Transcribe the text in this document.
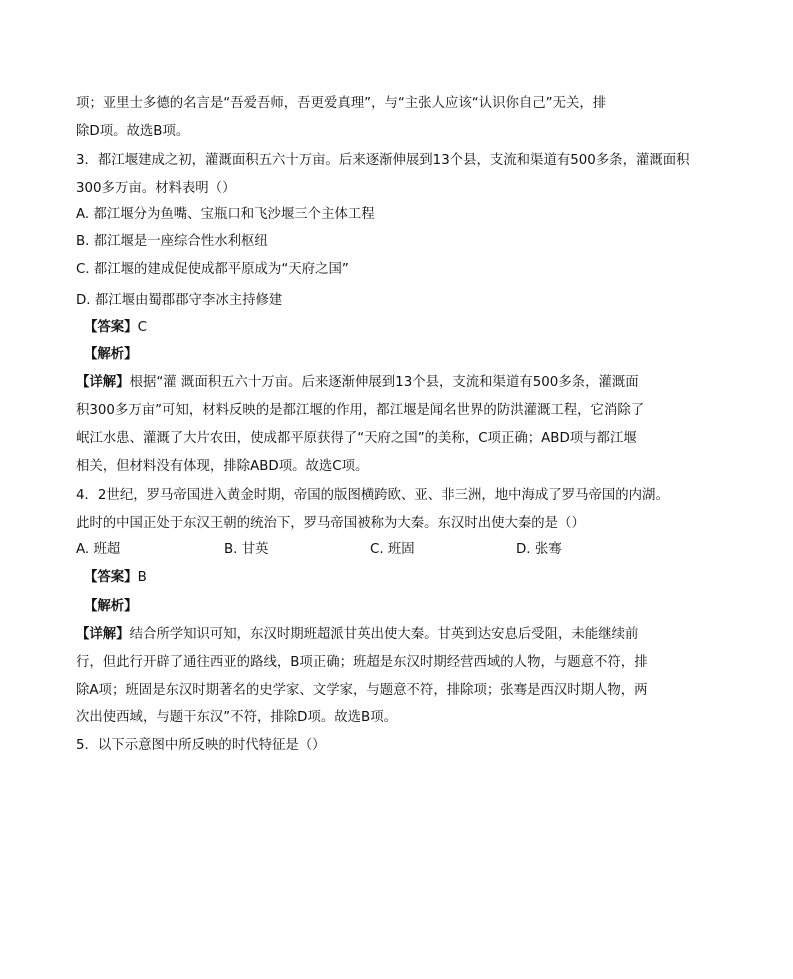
项；亚里士多德的名言是“吾爱吾师，吾更爱真理”，与“主张人应该“认识你自己”无关，排
除D项。故选B项。
3．都江堰建成之初，灌溉面积五六十万亩。后来逐渐伸展到13个县，支流和渠道有500多条，灌溉面积
300多万亩。材料表明（）
A. 都江堰分为鱼嘴、宝瓶口和飞沙堰三个主体工程
B. 都江堰是一座综合性水利枢纽
C. 都江堰的建成促使成都平原成为“天府之国”
D. 都江堰由蜀郡郡守李冰主持修建
【答案】C
【解析】
【详解】根据“灌 溉面积五六十万亩。后来逐渐伸展到13个县，支流和渠道有500多条，灌溉面
积300多万亩”可知，材料反映的是都江堰的作用，都江堰是闻名世界的防洪灌溉工程，它消除了
岷江水患、灌溉了大片农田，使成都平原获得了“天府之国”的美称，C项正确；ABD项与都江堰
相关，但材料没有体现，排除ABD项。故选C项。
4．2世纪，罗马帝国进入黄金时期，帝国的版图横跨欧、亚、非三洲，地中海成了罗马帝国的内湖。
此时的中国正处于东汉王朝的统治下，罗马帝国被称为大秦。东汉时出使大秦的是（）
A. 班超	B. 甘英	C. 班固	D. 张骞
【答案】B
【解析】
【详解】结合所学知识可知，东汉时期班超派甘英出使大秦。甘英到达安息后受阻，未能继续前
行，但此行开辟了通往西亚的路线，B项正确；班超是东汉时期经营西域的人物，与题意不符，排
除A项；班固是东汉时期著名的史学家、文学家，与题意不符，排除项；张骞是西汉时期人物，两
次出使西域，与题干东汉”不符，排除D项。故选B项。
5．以下示意图中所反映的时代特征是（）
